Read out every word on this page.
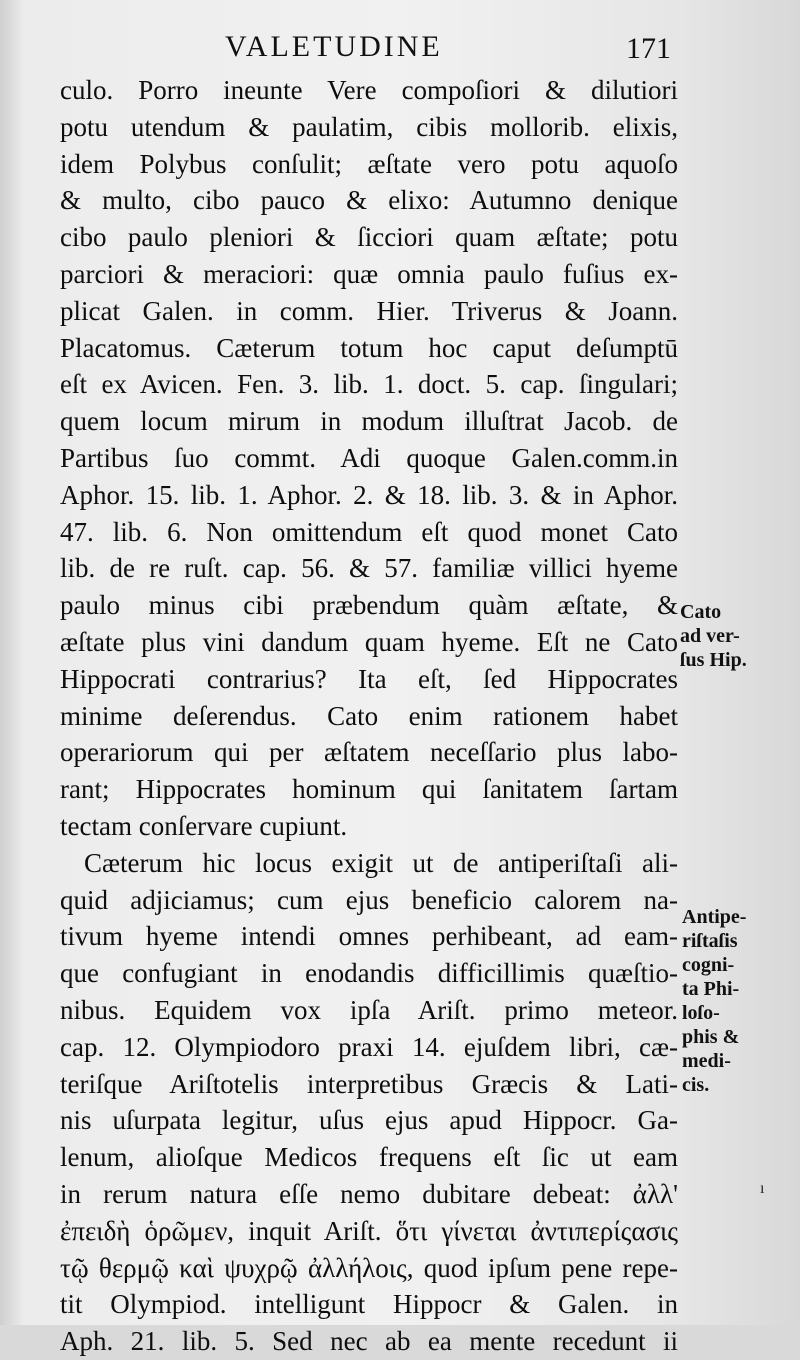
VALETUDINE	171
culo. Porro ineunte Vere compoſiori & dilutiori
potu utendum & paulatim, cibis mollorib. elixis,
idem Polybus conſulit; æſtate vero potu aquoſo
& multo, cibo pauco & elixo: Autumno denique
cibo paulo pleniori & ſicciori quam æſtate; potu
parciori & meraciori: quæ omnia paulo fuſius ex-
plicat Galen. in comm. Hier. Triverus & Joann.
Placatomus. Cæterum totum hoc caput deſumptū
eſt ex Avicen. Fen. 3. lib. 1. doct. 5. cap. ſingulari;
quem locum mirum in modum illuſtrat Jacob. de
Partibus ſuo commt. Adi quoque Galen.comm.in
Aphor. 15. lib. 1. Aphor. 2. & 18. lib. 3. & in Aphor.
47. lib. 6. Non omittendum eſt quod monet Cato
lib. de re ruſt. cap. 56. & 57. familiæ villici hyeme
paulo minus cibi præbendum quàm æſtate, &
æſtate plus vini dandum quam hyeme. Eſt ne Cato
Hippocrati contrarius? Ita eſt, ſed Hippocrates
minime deſerendus. Cato enim rationem habet
operariorum qui per æſtatem neceſſario plus labo-
rant; Hippocrates hominum qui ſanitatem ſartam
tectam conſervare cupiunt.
Cæterum hic locus exigit ut de antiperiſtaſi ali-
quid adjiciamus; cum ejus beneficio calorem na-
tivum hyeme intendi omnes perhibeant, ad eam-
que confugiant in enodandis difficillimis quæſtio-
nibus. Equidem vox ipſa Ariſt. primo meteor.
cap. 12. Olympiodoro praxi 14. ejuſdem libri, cæ-
teriſque Ariſtotelis interpretibus Græcis & Lati-
nis uſurpata legitur, uſus ejus apud Hippocr. Ga-
lenum, alioſque Medicos frequens eſt ſic ut eam
in rerum natura eſſe nemo dubitare debeat: ἀλλ'
ἐπειδὴ ὁρῶμεν, inquit Ariſt. ὅτι γίνεται ἀντιπερίςασις
τῷ θερμῷ καὶ ψυχρῷ ἀλλήλοις, quod ipſum pene repe-
tit Olympiod. intelligunt Hippocr & Galen. in
Aph. 21. lib. 5. Sed nec ab ea mente recedunt ii
Cato
ad ver-
ſus Hip.
Antipe-
riſtaſis
cogni-
ta Phi-
loſo-
phis &
medi-
cis.
ı
